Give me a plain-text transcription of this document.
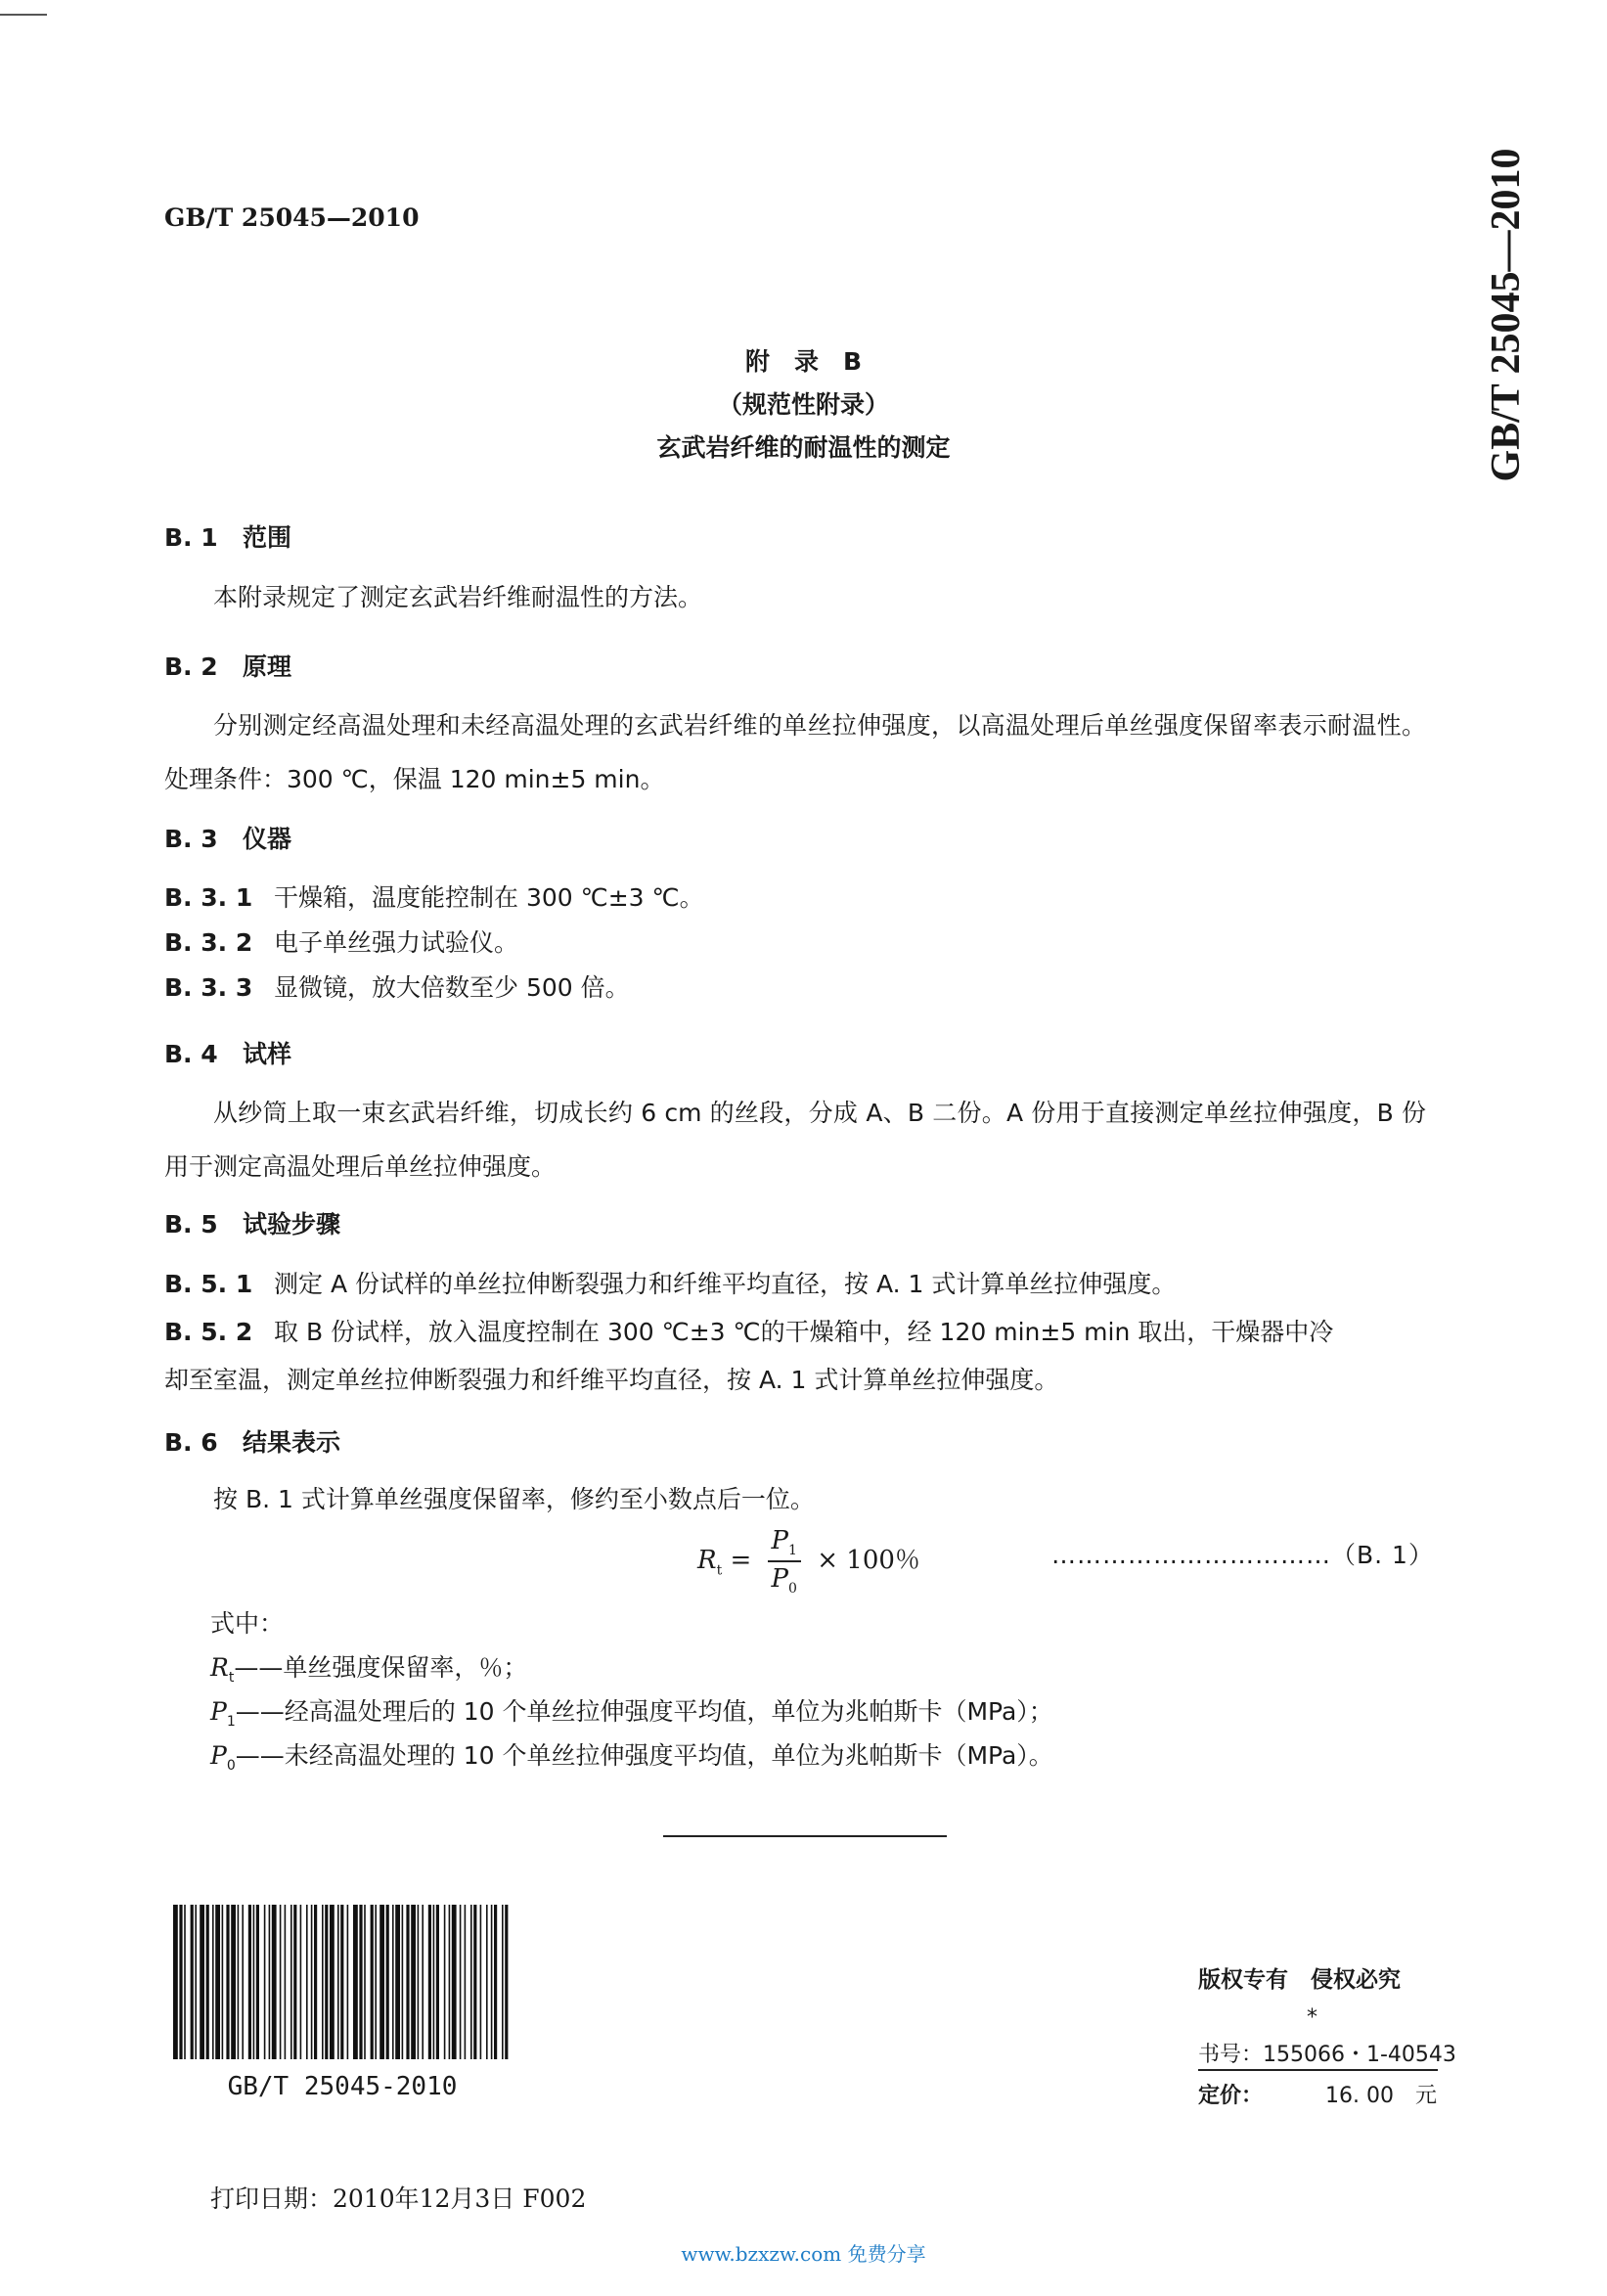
GB/T 25045—2010	GB/T 25045—2010
附　录　B
（规范性附录）
玄武岩纤维的耐温性的测定
B. 1 范围
本附录规定了测定玄武岩纤维耐温性的方法。
B. 2 原理
分别测定经高温处理和未经高温处理的玄武岩纤维的单丝拉伸强度，以高温处理后单丝强度保留率表示耐温性。处理条件：300 ℃，保温 120 min±5 min。
B. 3 仪器
B. 3. 1 干燥箱，温度能控制在 300 ℃±3 ℃。
B. 3. 2 电子单丝强力试验仪。
B. 3. 3 显微镜，放大倍数至少 500 倍。
B. 4 试样
从纱筒上取一束玄武岩纤维，切成长约 6 cm 的丝段，分成 A、B 二份。A 份用于直接测定单丝拉伸强度，B 份用于测定高温处理后单丝拉伸强度。
B. 5 试验步骤
B. 5. 1 测定 A 份试样的单丝拉伸断裂强力和纤维平均直径，按 A. 1 式计算单丝拉伸强度。
B. 5. 2 取 B 份试样，放入温度控制在 300 ℃±3 ℃的干燥箱中，经 120 min±5 min 取出，干燥器中冷
却至室温，测定单丝拉伸断裂强力和纤维平均直径，按 A. 1 式计算单丝拉伸强度。
B. 6 结果表示
按 B. 1 式计算单丝强度保留率，修约至小数点后一位。
$R_t = \frac{P_1}{P_0} \times 100$％	……………………………（B. 1）
式中：
$R_t——$单丝强度保留率，％；
$P_1——$经高温处理后的 10 个单丝拉伸强度平均值，单位为兆帕斯卡（MPa）；
$P_0——$未经高温处理的 10 个单丝拉伸强度平均值，单位为兆帕斯卡（MPa）。
GB/T 25045-2010
版权专有　侵权必究
*
书号：155066・1-40543
定价：	16. 00　元
打印日期：2010年12月3日 F002
www.bzxzw.com 免费分享
